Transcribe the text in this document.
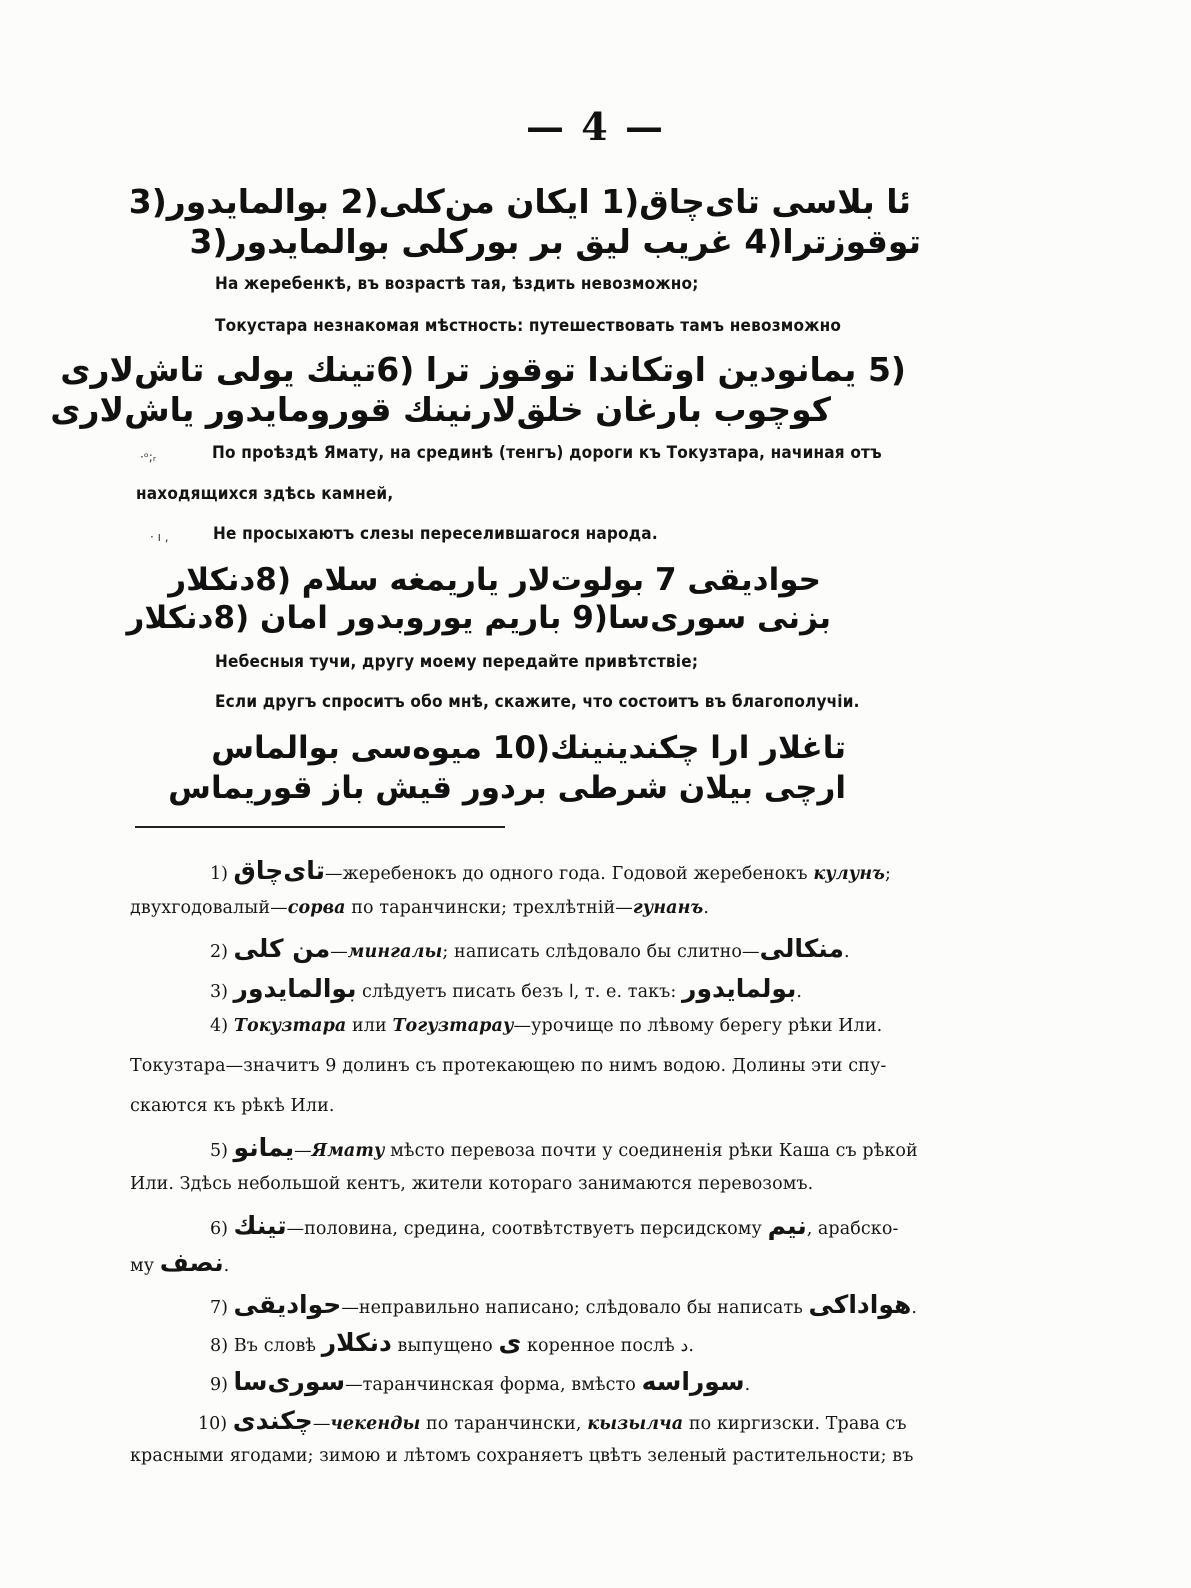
— 4 —
ئا بلاسى تاى‌چاق(1 ايكان من‌كلى(2 بوالمايدور(3
توقوزترا(4 غريب ليق بر بوركلى بوالمايدور(3
На жеребенкѣ, въ возрастѣ тая, ѣздить невозможно;
Токустара незнакомая мѣстность: путешествовать тамъ невозможно
(5 يمانودين اوتكاندا توقوز ترا (6تينك يولى تاش‌لارى
كوچوب بارغان خلق‌لارنينك قورومايدور ياش‌لارى
·ᵒ;ᵣ	По проѣздѣ Ямату, на срединѣ (тенгъ) дороги къ Токузтара, начиная отъ
находящихся здѣсь камней,
· ı ,	Не просыхаютъ слезы переселившагося народа.
حواديقى 7 بولوت‌لار ياريمغه سلام (8دنكلار
بزنى سورى‌سا(9 باريم يوروبدور امان (8دنكلار
Небесныя тучи, другу моему передайте привѣтствіе;
Если другъ спроситъ обо мнѣ, скажите, что состоитъ въ благополучіи.
تاغلار ارا چكندينينك(10 ميوه‌سى بوالماس
ارچى بيلان شرطى بردور قيش باز قوريماس
1) تاى‌چاق—жеребенокъ до одного года. Годовой жеребенокъ кулунъ;
двухгодовалый—сорва по таранчински; трехлѣтній—гунанъ.
2) من كلى—мингалы; написать слѣдовало бы слитно—منكالى.
3) بوالمايدور слѣдуетъ писать безъ ا, т. е. такъ: بولمايدور.
4) Токузтара или Тогузтарау—урочище по лѣвому берегу рѣки Или.
Токузтара—значитъ 9 долинъ съ протекающею по нимъ водою. Долины эти спу-
скаются къ рѣкѣ Или.
5) يمانو—Ямату мѣсто перевоза почти у соединенія рѣки Каша съ рѣкой
Или. Здѣсь небольшой кентъ, жители котораго занимаются перевозомъ.
6) تينك—половина, средина, соотвѣтствуетъ персидскому نيم, арабско-
му نصف.
7) حواديقى—неправильно написано; слѣдовало бы написать هواداكى.
8) Въ словѣ دنكلار выпущено ى коренное послѣ د.
9) سورى‌سا—таранчинская форма, вмѣсто سوراسه.
10) چكندى—чекенды по таранчински, кызылча по киргизски. Трава съ
красными ягодами; зимою и лѣтомъ сохраняетъ цвѣтъ зеленый растительности; въ
